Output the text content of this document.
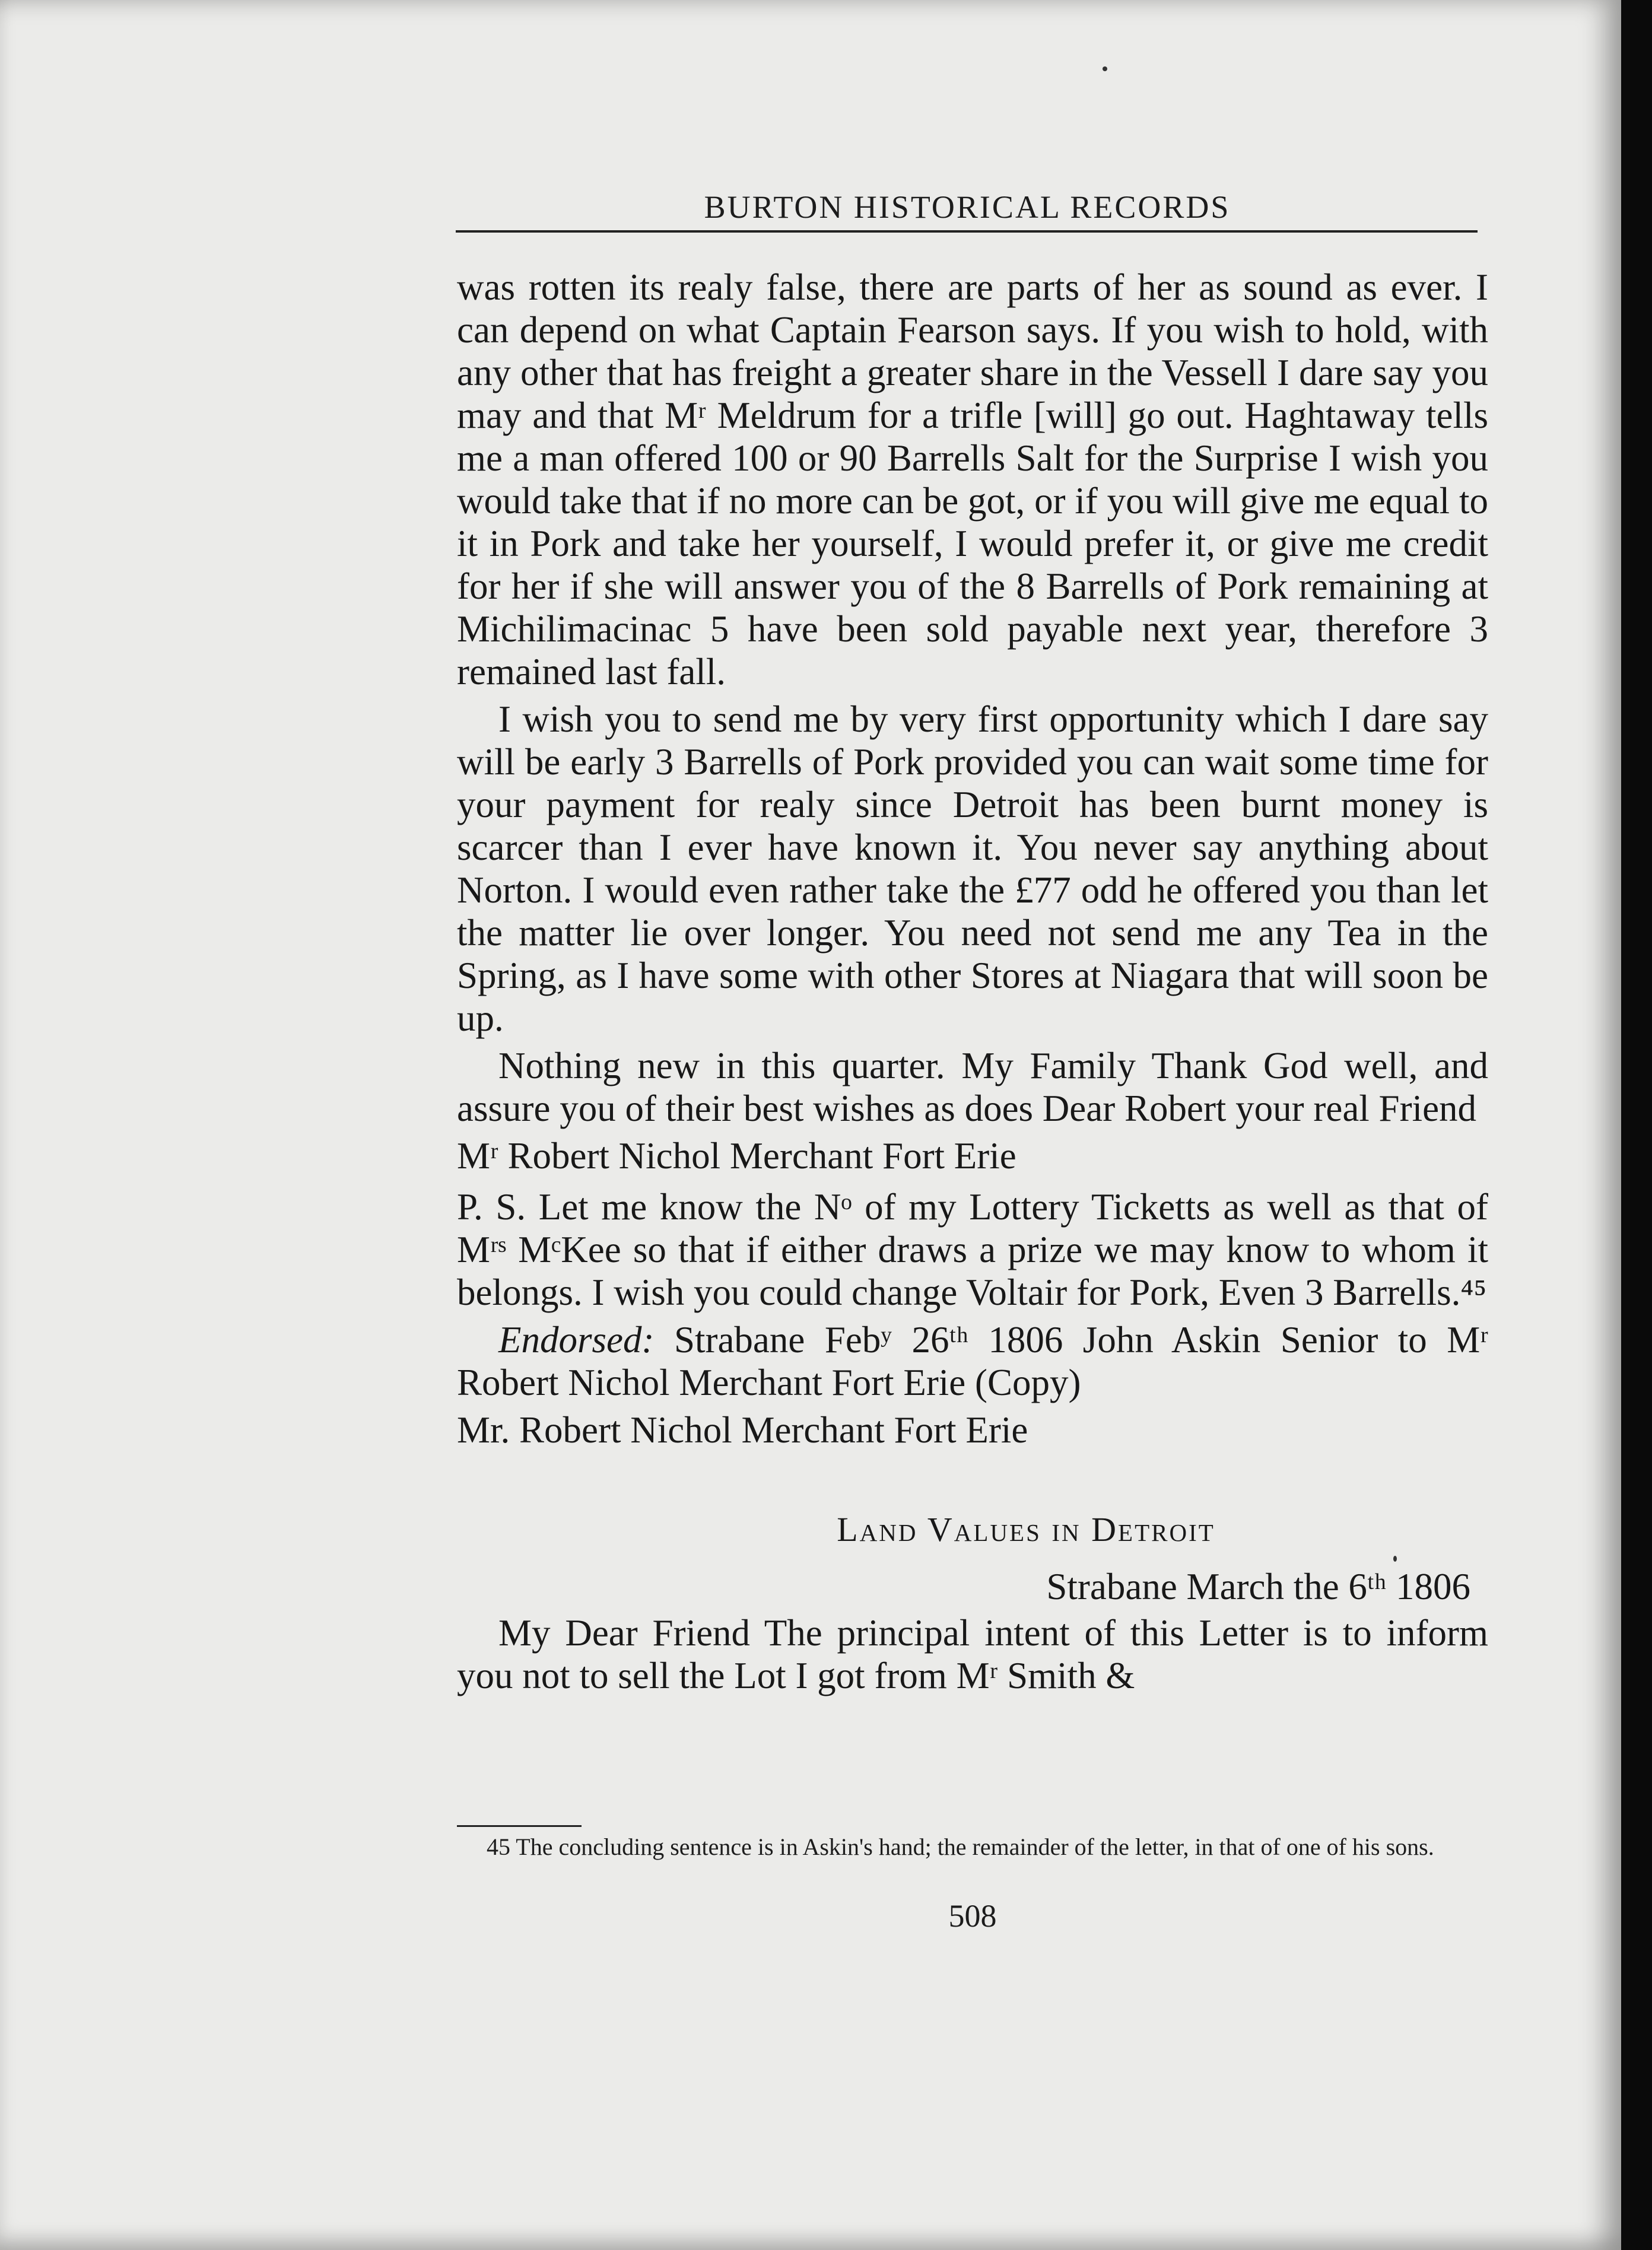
BURTON HISTORICAL RECORDS

was rotten its realy false, there are parts of her as sound as ever. I can depend on what Captain Fearson says. If you wish to hold, with any other that has freight a greater share in the Vessell I dare say you may and that Mʳ Meldrum for a trifle [will] go out. Haghtaway tells me a man offered 100 or 90 Barrells Salt for the Surprise I wish you would take that if no more can be got, or if you will give me equal to it in Pork and take her yourself, I would prefer it, or give me credit for her if she will answer you of the 8 Barrells of Pork remaining at Michilimacinac 5 have been sold payable next year, therefore 3 remained last fall.

I wish you to send me by very first opportunity which I dare say will be early 3 Barrells of Pork provided you can wait some time for your payment for realy since Detroit has been burnt money is scarcer than I ever have known it. You never say anything about Norton. I would even rather take the £77 odd he offered you than let the matter lie over longer. You need not send me any Tea in the Spring, as I have some with other Stores at Niagara that will soon be up.

Nothing new in this quarter. My Family Thank God well, and assure you of their best wishes as does Dear Robert your real Friend

Mʳ Robert Nichol Merchant Fort Erie

P. S. Let me know the Nᵒ of my Lottery Ticketts as well as that of Mʳˢ MᶜKee so that if either draws a prize we may know to whom it belongs. I wish you could change Voltair for Pork, Even 3 Barrells.⁴⁵

Endorsed: Strabane Febʸ 26ᵗʰ 1806 John Askin Senior to Mʳ Robert Nichol Merchant Fort Erie (Copy)

Mr. Robert Nichol Merchant Fort Erie

Land Values in Detroit

Strabane March the 6ᵗʰ 1806

My Dear Friend The principal intent of this Letter is to inform you not to sell the Lot I got from Mʳ Smith &

45 The concluding sentence is in Askin's hand; the remainder of the letter, in that of one of his sons.
508
